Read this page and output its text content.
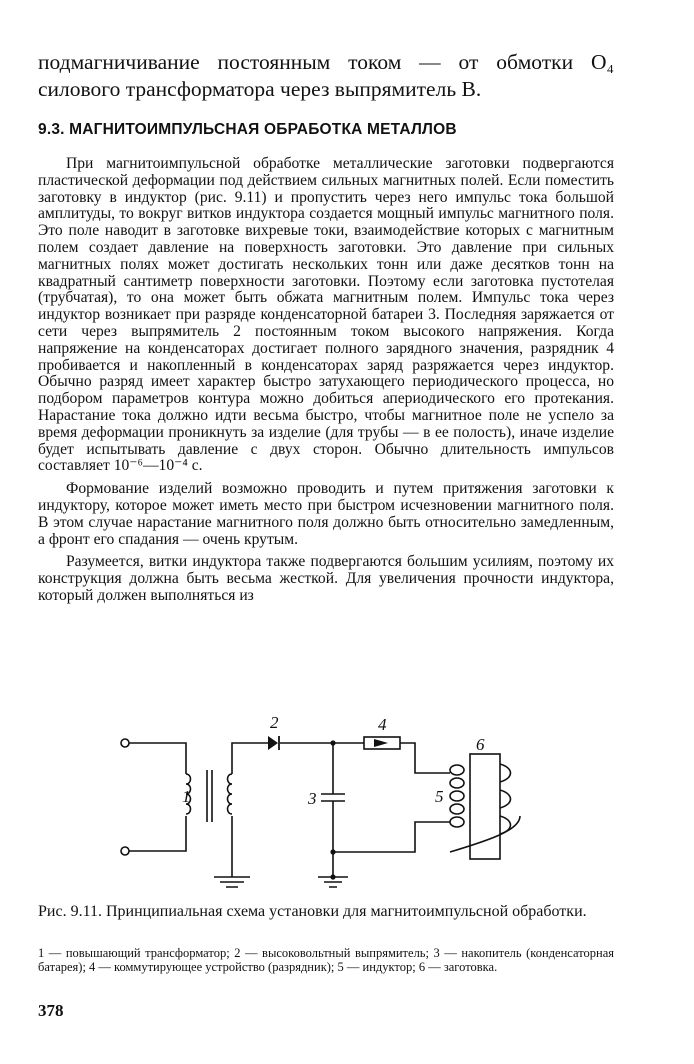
подмагничивание постоянным током — от обмотки O₄ силового трансформатора через выпрямитель B.

9.3. МАГНИТОИМПУЛЬСНАЯ ОБРАБОТКА МЕТАЛЛОВ

При магнитоимпульсной обработке металлические заготовки подвергаются пластической деформации под действием сильных магнитных полей. Если поместить заготовку в индуктор (рис. 9.11) и пропустить через него импульс тока большой амплитуды, то вокруг витков индуктора создается мощный импульс магнитного поля. Это поле наводит в заготовке вихревые токи, взаимодействие которых с магнитным полем создает давление на поверхность заготовки. Это давление при сильных магнитных полях может достигать нескольких тонн или даже десятков тонн на квадратный сантиметр поверхности заготовки. Поэтому если заготовка пустотелая (трубчатая), то она может быть обжата магнитным полем. Импульс тока через индуктор возникает при разряде конденсаторной батареи 3. Последняя заряжается от сети через выпрямитель 2 постоянным током высокого напряжения. Когда напряжение на конденсаторах достигает полного зарядного значения, разрядник 4 пробивается и накопленный в конденсаторах заряд разряжается через индуктор. Обычно разряд имеет характер быстро затухающего периодического процесса, но подбором параметров контура можно добиться апериодического его протекания. Нарастание тока должно идти весьма быстро, чтобы магнитное поле не успело за время деформации проникнуть за изделие (для трубы — в ее полость), иначе изделие будет испытывать давление с двух сторон. Обычно длительность импульсов составляет 10⁻⁶—10⁻⁴ с.

Формование изделий возможно проводить и путем притяжения заготовки к индуктору, которое может иметь место при быстром исчезновении магнитного поля. В этом случае нарастание магнитного поля должно быть относительно замедленным, а фронт его спадания — очень крутым.

Разумеется, витки индуктора также подвергаются большим усилиям, поэтому их конструкция должна быть весьма жесткой. Для увеличения прочности индуктора, который должен выполняться из

1
2
3
4
5
6
Рис. 9.11. Принципиальная схема установки для магнитоимпульсной обработки.
1 — повышающий трансформатор; 2 — высоковольтный выпрямитель; 3 — накопитель (конденсаторная батарея); 4 — коммутирующее устройство (разрядник); 5 — индуктор; 6 — заготовка.
378
